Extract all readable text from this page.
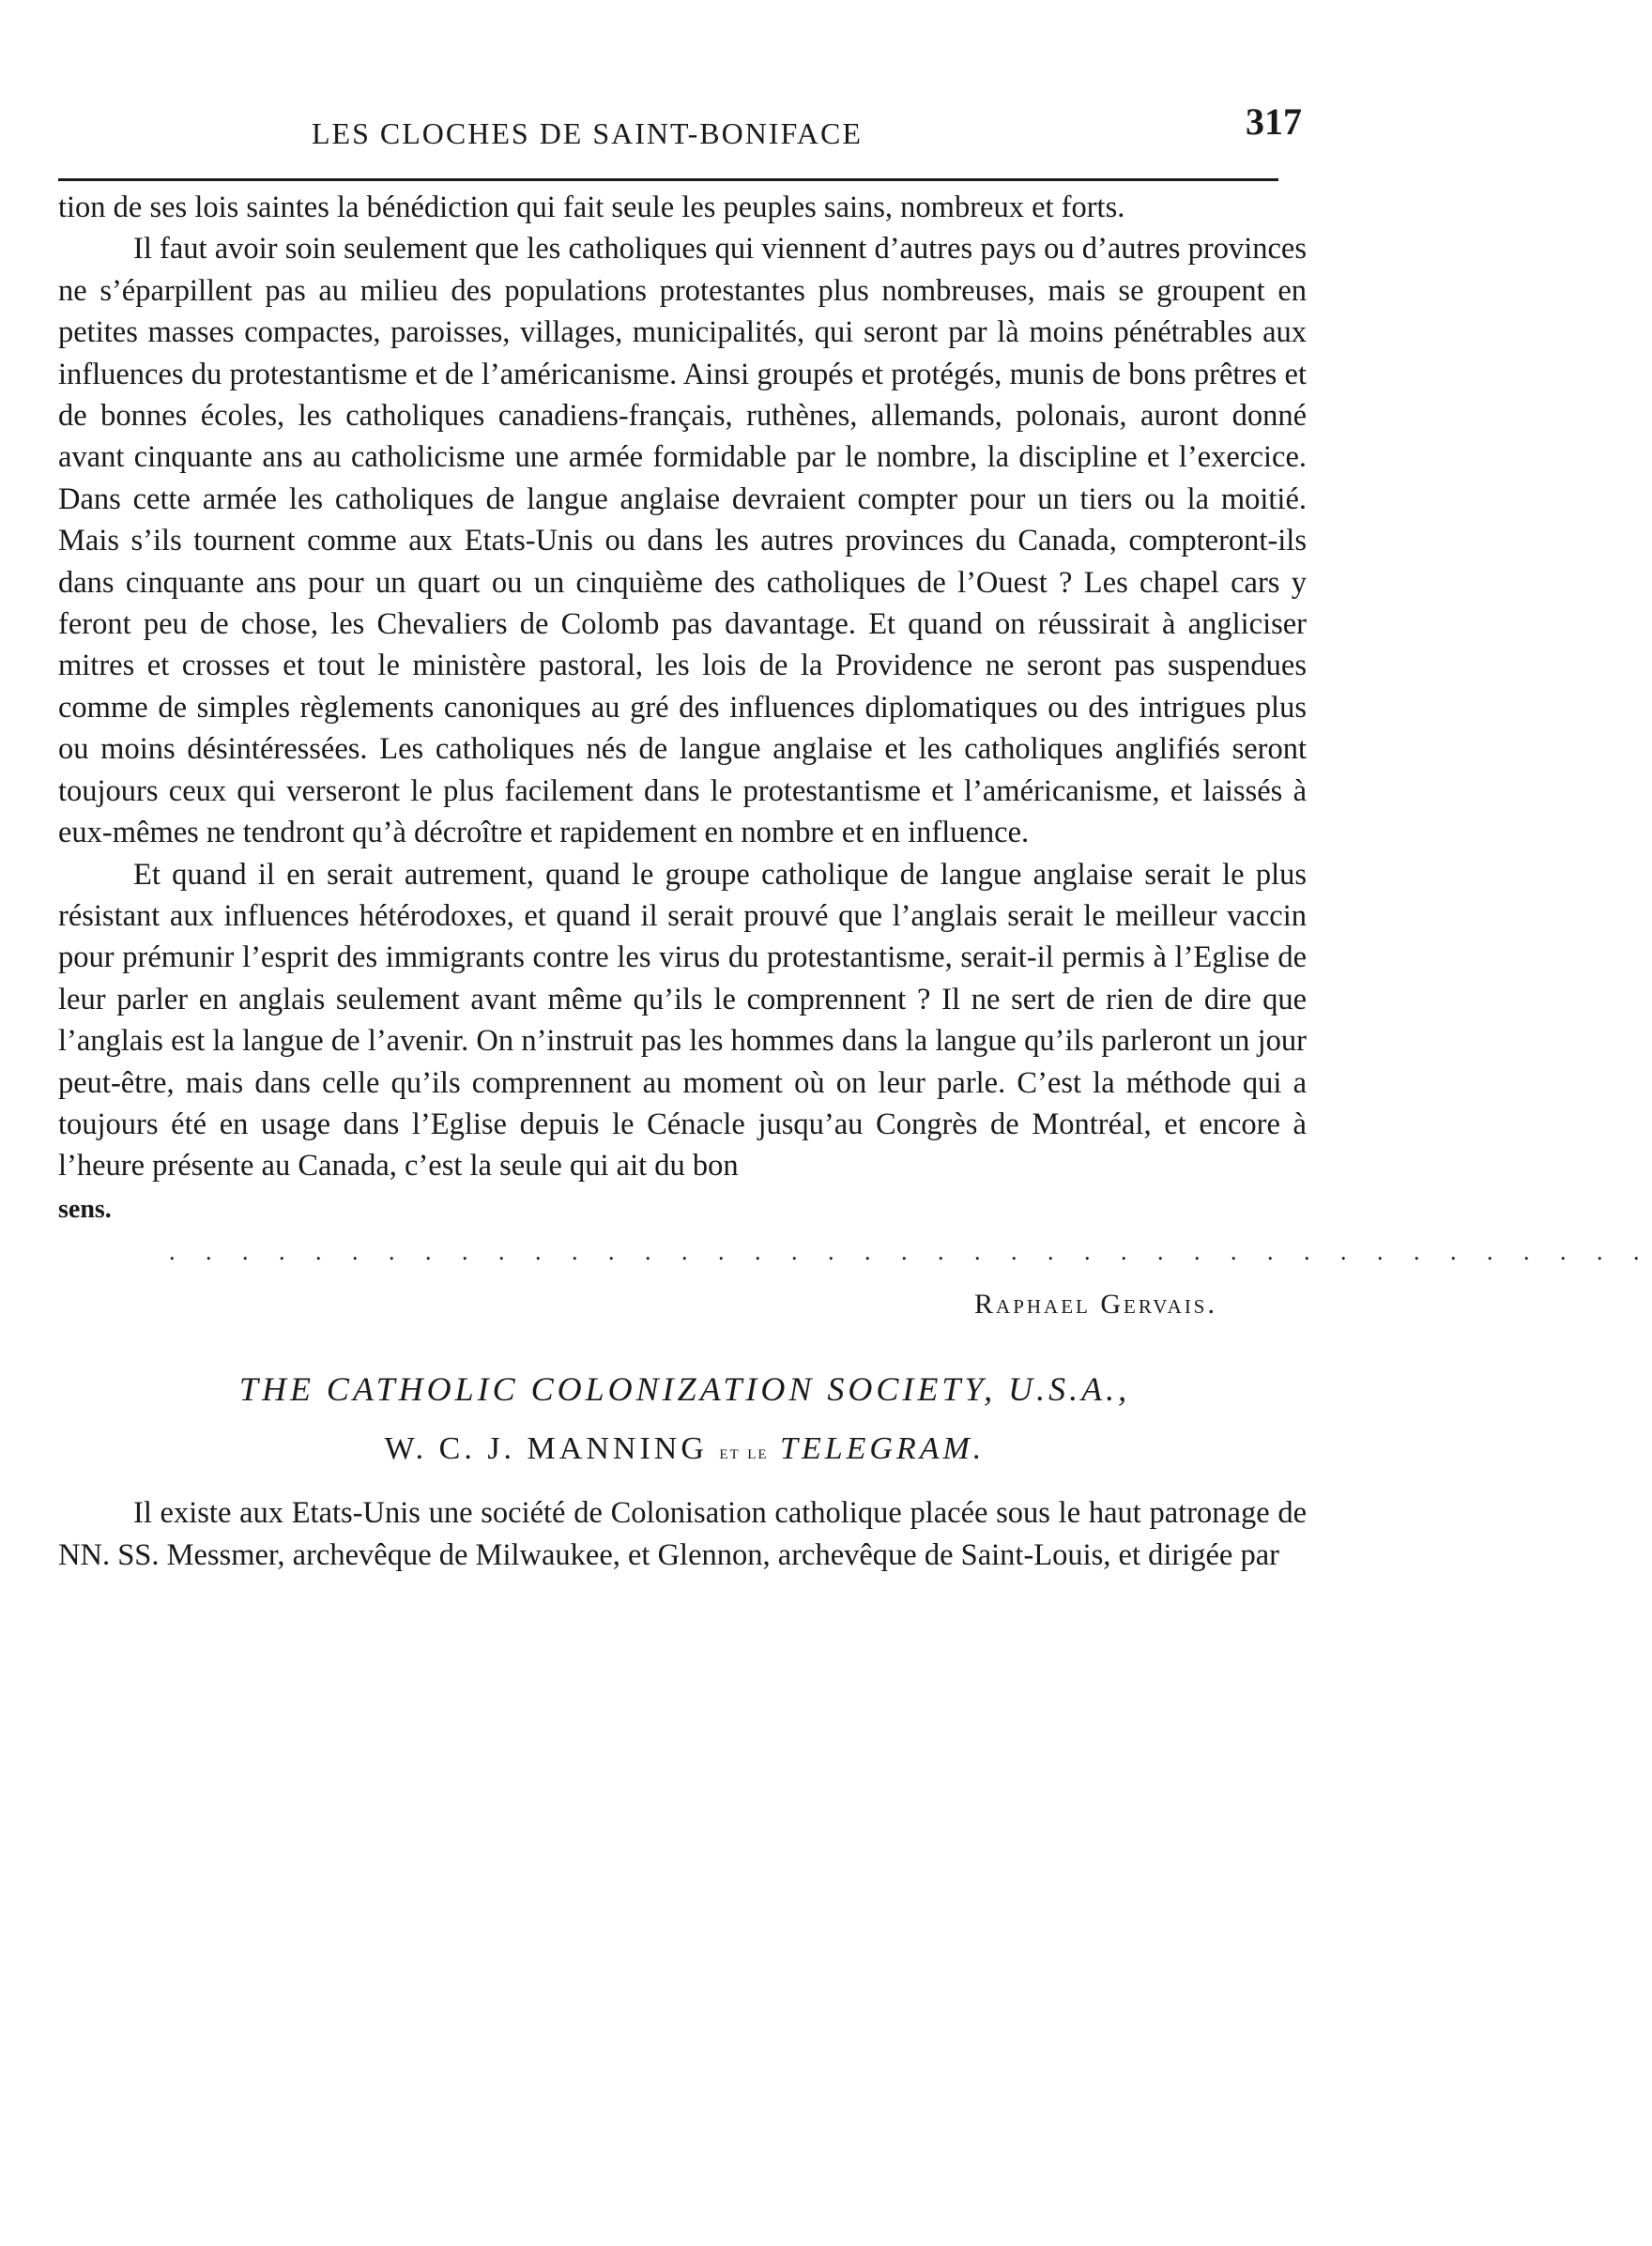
LES CLOCHES DE SAINT-BONIFACE	317

tion de ses lois saintes la bénédiction qui fait seule les peuples sains, nombreux et forts.

Il faut avoir soin seulement que les catholiques qui viennent d’autres pays ou d’autres provinces ne s’éparpillent pas au milieu des populations protestantes plus nombreuses, mais se groupent en petites masses compactes, paroisses, villages, municipalités, qui seront par là moins pénétrables aux influences du protestantisme et de l’américanisme. Ainsi groupés et protégés, munis de bons prêtres et de bonnes écoles, les catholiques canadiens-français, ruthènes, allemands, polonais, auront donné avant cinquante ans au catholicisme une armée formidable par le nombre, la discipline et l’exercice. Dans cette armée les catholiques de langue anglaise devraient compter pour un tiers ou la moitié. Mais s’ils tournent comme aux Etats-Unis ou dans les autres provinces du Canada, compteront-ils dans cinquante ans pour un quart ou un cinquième des catholiques de l’Ouest ? Les chapel cars y feront peu de chose, les Chevaliers de Colomb pas davantage. Et quand on réussirait à angliciser mitres et crosses et tout le ministère pastoral, les lois de la Providence ne seront pas suspendues comme de simples règlements canoniques au gré des influences diplomatiques ou des intrigues plus ou moins désintéressées. Les catholiques nés de langue anglaise et les catholiques anglifiés seront toujours ceux qui verseront le plus facilement dans le protestantisme et l’américanisme, et laissés à eux-mêmes ne tendront qu’à décroître et rapidement en nombre et en influence.

Et quand il en serait autrement, quand le groupe catholique de langue anglaise serait le plus résistant aux influences hétérodoxes, et quand il serait prouvé que l’anglais serait le meilleur vaccin pour prémunir l’esprit des immigrants contre les virus du protestantisme, serait-il permis à l’Eglise de leur parler en anglais seulement avant même qu’ils le comprennent ? Il ne sert de rien de dire que l’anglais est la langue de l’avenir. On n’instruit pas les hommes dans la langue qu’ils parleront un jour peut-être, mais dans celle qu’ils comprennent au moment où on leur parle. C’est la méthode qui a toujours été en usage dans l’Eglise depuis le Cénacle jusqu’au Congrès de Montréal, et encore à l’heure présente au Canada, c’est la seule qui ait du bon
sens.

. . . . . . . . . . . . . . . . . . . . . . . . . . . . . . . . . . . . . . . . .
Raphael Gervais.
THE CATHOLIC COLONIZATION SOCIETY, U.S.A.,
W. C. J. MANNING et le TELEGRAM.

Il existe aux Etats-Unis une société de Colonisation catholique placée sous le haut patronage de NN. SS. Messmer, archevêque de Milwaukee, et Glennon, archevêque de Saint-Louis, et dirigée par
